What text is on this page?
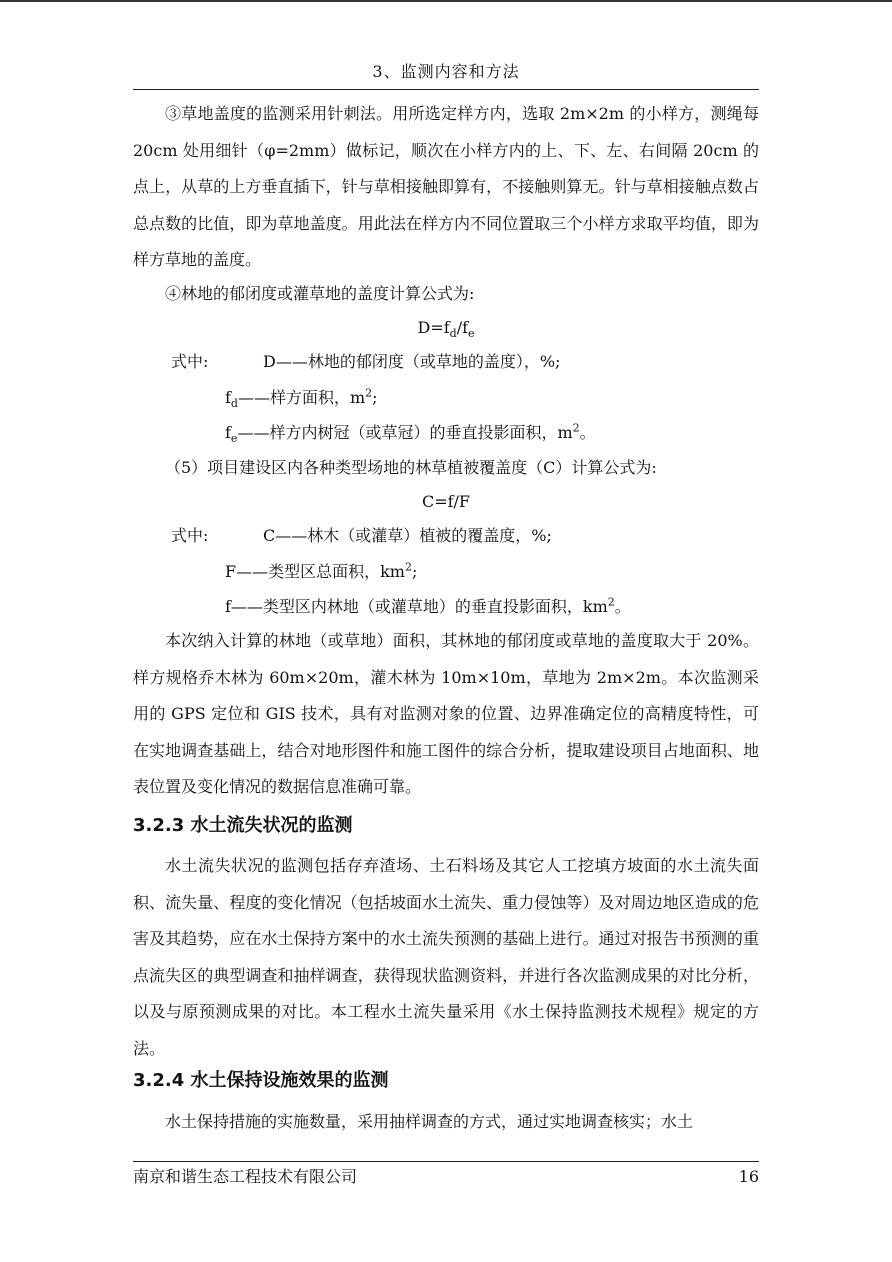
3、监测内容和方法
③草地盖度的监测采用针刺法。用所选定样方内，选取 2m×2m 的小样方，测绳每 20cm 处用细针（φ=2mm）做标记，顺次在小样方内的上、下、左、右间隔 20cm 的点上，从草的上方垂直插下，针与草相接触即算有，不接触则算无。针与草相接触点数占总点数的比值，即为草地盖度。用此法在样方内不同位置取三个小样方求取平均值，即为样方草地的盖度。
④林地的郁闭度或灌草地的盖度计算公式为:
$D=f_d/f_e$
式中:	D——林地的郁闭度（或草地的盖度），%;
$f_d——$样方面积，$m^2$;
$f_e——$样方内树冠（或草冠）的垂直投影面积，$m^2$。
（5）项目建设区内各种类型场地的林草植被覆盖度（C）计算公式为:
C=f/F
式中:	C——林木（或灌草）植被的覆盖度，%;
F——类型区总面积，$km^2$;
f——类型区内林地（或灌草地）的垂直投影面积，$km^2$。
本次纳入计算的林地（或草地）面积，其林地的郁闭度或草地的盖度取大于 20%。样方规格乔木林为 60m×20m，灌木林为 10m×10m，草地为 2m×2m。本次监测采用的 GPS 定位和 GIS 技术，具有对监测对象的位置、边界准确定位的高精度特性，可在实地调查基础上，结合对地形图件和施工图件的综合分析，提取建设项目占地面积、地表位置及变化情况的数据信息准确可靠。
3.2.3 水土流失状况的监测
水土流失状况的监测包括存弃渣场、土石料场及其它人工挖填方坡面的水土流失面积、流失量、程度的变化情况（包括坡面水土流失、重力侵蚀等）及对周边地区造成的危害及其趋势，应在水土保持方案中的水土流失预测的基础上进行。通过对报告书预测的重点流失区的典型调查和抽样调查，获得现状监测资料，并进行各次监测成果的对比分析，以及与原预测成果的对比。本工程水土流失量采用《水土保持监测技术规程》规定的方法。
3.2.4 水土保持设施效果的监测
水土保持措施的实施数量，采用抽样调查的方式，通过实地调查核实；水土
南京和谐生态工程技术有限公司	16
